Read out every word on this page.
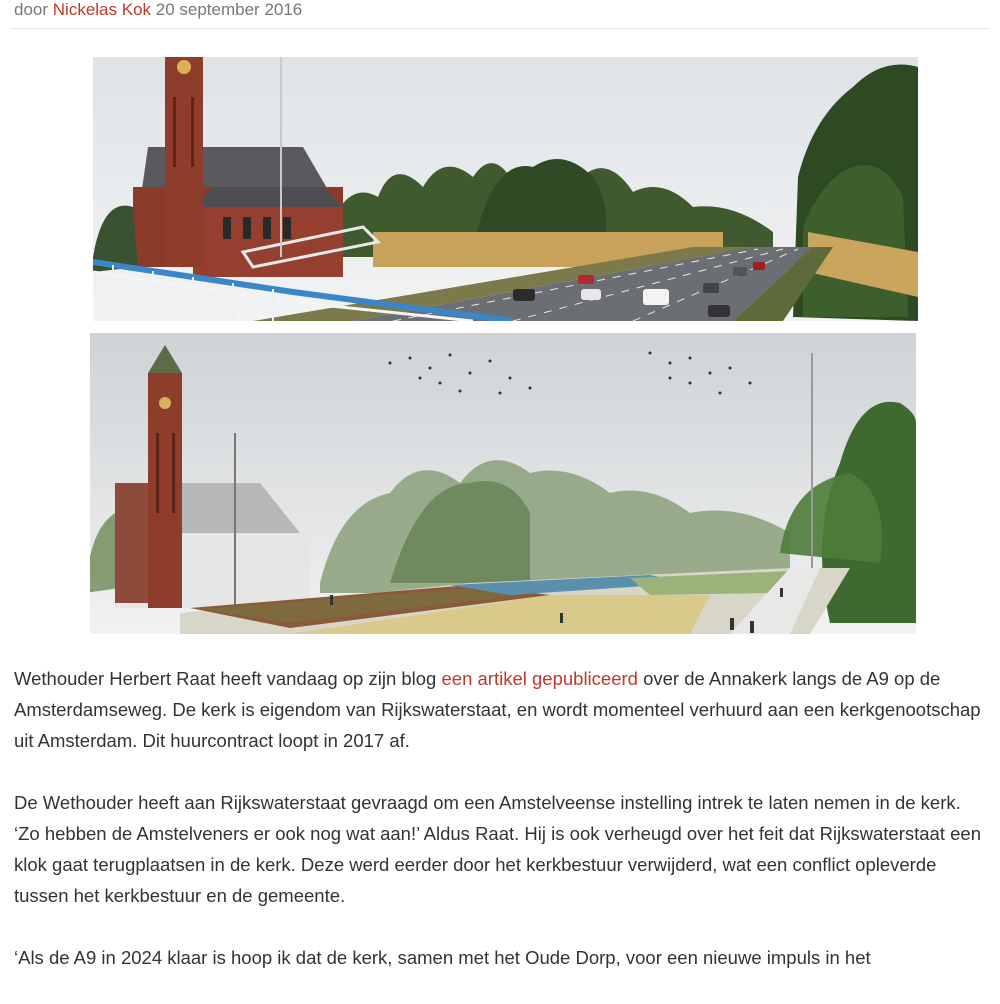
door Nickelas Kok 20 september 2016

Wethouder Herbert Raat heeft vandaag op zijn blog een artikel gepubliceerd over de Annakerk langs de A9 op de Amsterdamseweg. De kerk is eigendom van Rijkswaterstaat, en wordt momenteel verhuurd aan een kerkgenootschap uit Amsterdam. Dit huurcontract loopt in 2017 af.

De Wethouder heeft aan Rijkswaterstaat gevraagd om een Amstelveense instelling intrek te laten nemen in de kerk. ‘Zo hebben de Amstelveners er ook nog wat aan!’ Aldus Raat. Hij is ook verheugd over het feit dat Rijkswaterstaat een klok gaat terugplaatsen in de kerk. Deze werd eerder door het kerkbestuur verwijderd, wat een conflict opleverde tussen het kerkbestuur en de gemeente.

‘Als de A9 in 2024 klaar is hoop ik dat de kerk, samen met het Oude Dorp, voor een nieuwe impuls in het
